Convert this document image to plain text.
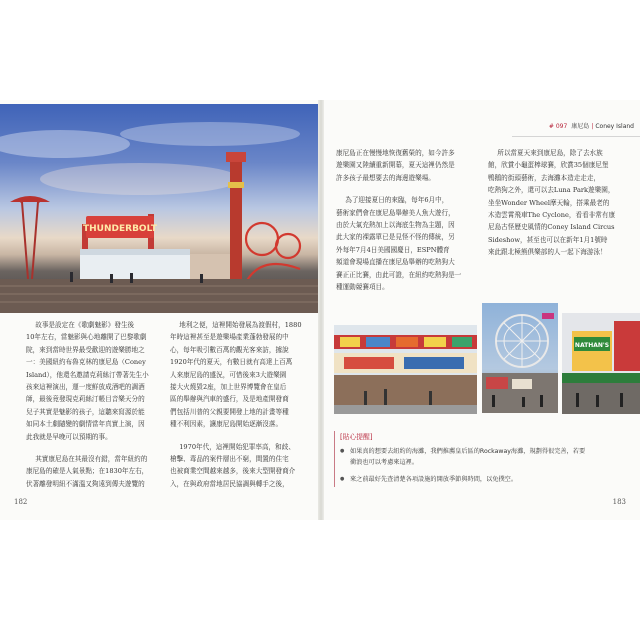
THUNDERBOLT

故事是設定在《歌劇魅影》發生後
10年左右，當魅影與心地離開了巴黎歌劇
院，來到當時世界最受歡迎的遊樂勝地之
一：美國紐約布魯克林的康尼島（Coney
Island），他還名邀請克莉絲汀帶著先生小
孩來這裡演出，運一度鮮放成酒吧的調酒
師，最後竟發現克莉絲汀帳目音樂天分的
兒子其實是魅影的孩子，這聽來寫源於能
如同本土劇隨變的劇情當年真實上演，因
此我就是早晚可以預期的事。

其實康尼島在其最沒有錯，當年紐約的
康尼島的確是人氣景點；在1830年左右，
伏著離發明紐不滿溫又夠遠到傳夫遊覽的

地利之便，這裡開始發展為渡假村，1880
年時這裡甚至是遊樂場產業蓬勃發展的中
心，每年吸引數百萬的觀光客來訪，據說
1920年代的夏天，有數日就有高達上百萬
人來康尼島的盛況，可惜後來3大遊樂園
接大火燒毀2座，加上世界博覽會在皇后
區的舉辦與汽車的盛行，及是地產開發商
們包括川普的父親要開發上地的計畫等種
種不利因素，讓康尼島開始逐漸沒落。

1970年代，這裡開始犯罪率高，和歧、
槍擊、毒品的案件層出不窮，間置的住宅
也被商業空間越來越多，後來大型開發商介
入，在與政府當地居民協調與轉手之後，

182
# 097 康尼島 | Coney Island

康尼島正在慢慢地恢復舊榮的，如今許多
遊樂園又陸續重新開幕，夏天這裡仍然是
許多孩子最想要去的海邊遊樂場。

為了迎接夏日的來臨，每年6月中，
藝術家們會在康尼島舉辦美人魚大遊行，
由於大氣充熱加上以海底生物為主題，因
此大家的裸露單已是見怪不怪的傳統，另
外每年7月4日美國國慶日，ESPN體育
頻道會現場直播在康尼島舉辦的吃熱狗大
賽正正比賽，由此可證，在紐約吃熱狗是一
種運動競賽項目。

所以當夏天來到康尼島，除了去水族
館，欣賞小龜蛋棒球賽，欣賞35個康尼堡
鴨鵝的街頭藝術，去海灘本造走走走，
吃熱狗之外，還可以去Luna Park遊樂園，
坐坐Wonder Wheel摩天輪，搭乘最老的
木造雲霄飛車The Cyclone，看看非常有康
尼島古怪歷史風情的Coney Island Circus
Sideshow，甚至也可以在新年1月1號時
來此跟北極熊俱樂部的人一起下海游泳！

NATHAN'S
[貼心提醒]
● 如果真的想要去紐約的海灘，我們推薦皇后區的Rockaway海灘，規劃得很完善，若要
衝浪也可以考慮來這裡。
● 來之前最好先查清楚各項設施的開放季節與時間，以免撲空。
183
